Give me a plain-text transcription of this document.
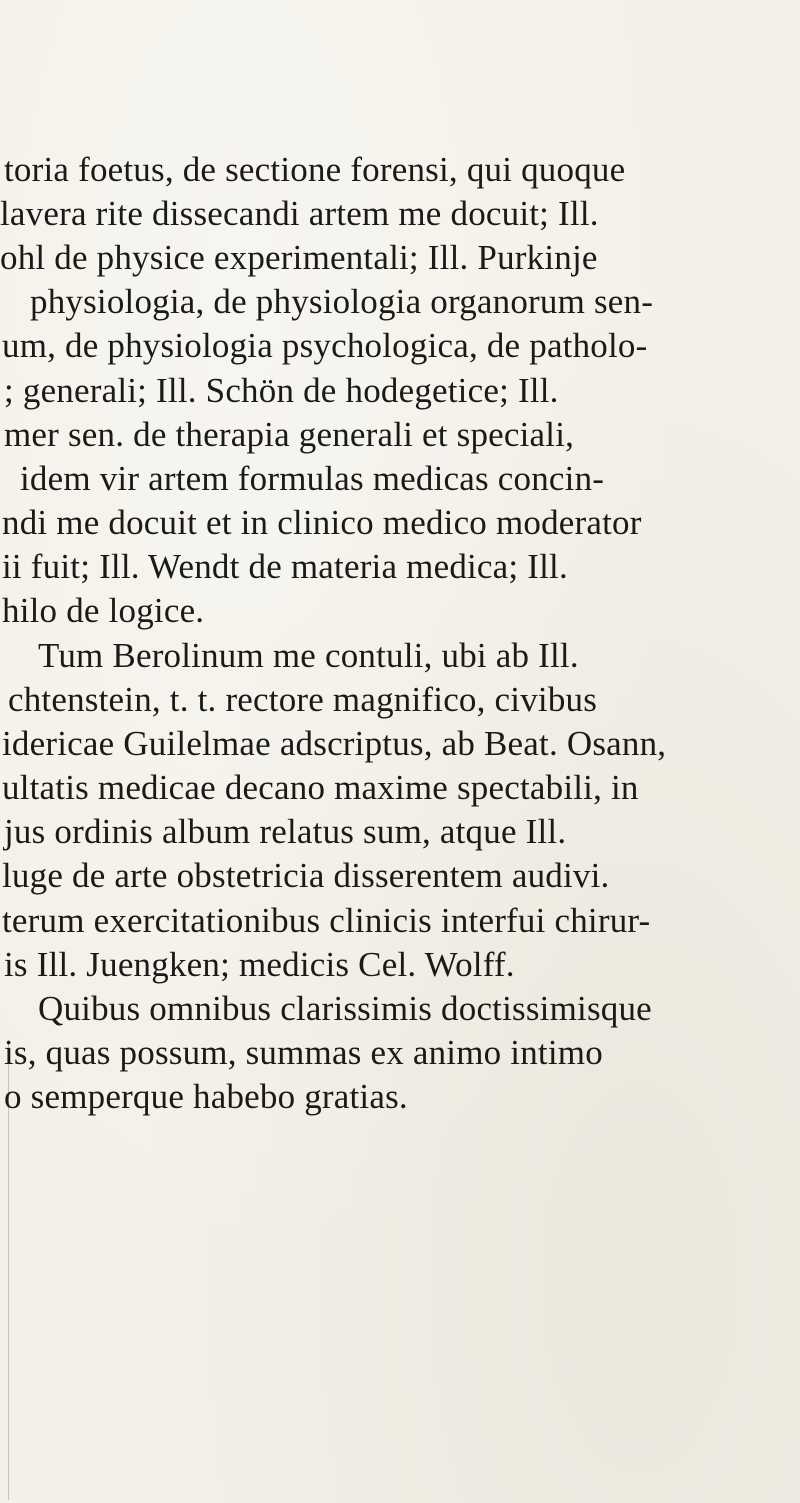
toria foetus, de sectione forensi, qui quoque
lavera rite dissecandi artem me docuit; Ill.
ohl de physice experimentali; Ill. Purkinje
physiologia, de physiologia organorum sen-
um, de physiologia psychologica, de patholo-
; generali; Ill. Schön de hodegetice; Ill.
mer sen. de therapia generali et speciali,
idem vir artem formulas medicas concin-
ndi me docuit et in clinico medico moderator
ii fuit; Ill. Wendt de materia medica; Ill.
hilo de logice.
Tum Berolinum me contuli, ubi ab Ill.
chtenstein, t. t. rectore magnifico, civibus
idericae Guilelmae adscriptus, ab Beat. Osann,
ultatis medicae decano maxime spectabili, in
jus ordinis album relatus sum, atque Ill.
luge de arte obstetricia disserentem audivi.
terum exercitationibus clinicis interfui chirur-
is Ill. Juengken; medicis Cel. Wolff.
Quibus omnibus clarissimis doctissimisque
is, quas possum, summas ex animo intimo
o semperque habebo gratias.
